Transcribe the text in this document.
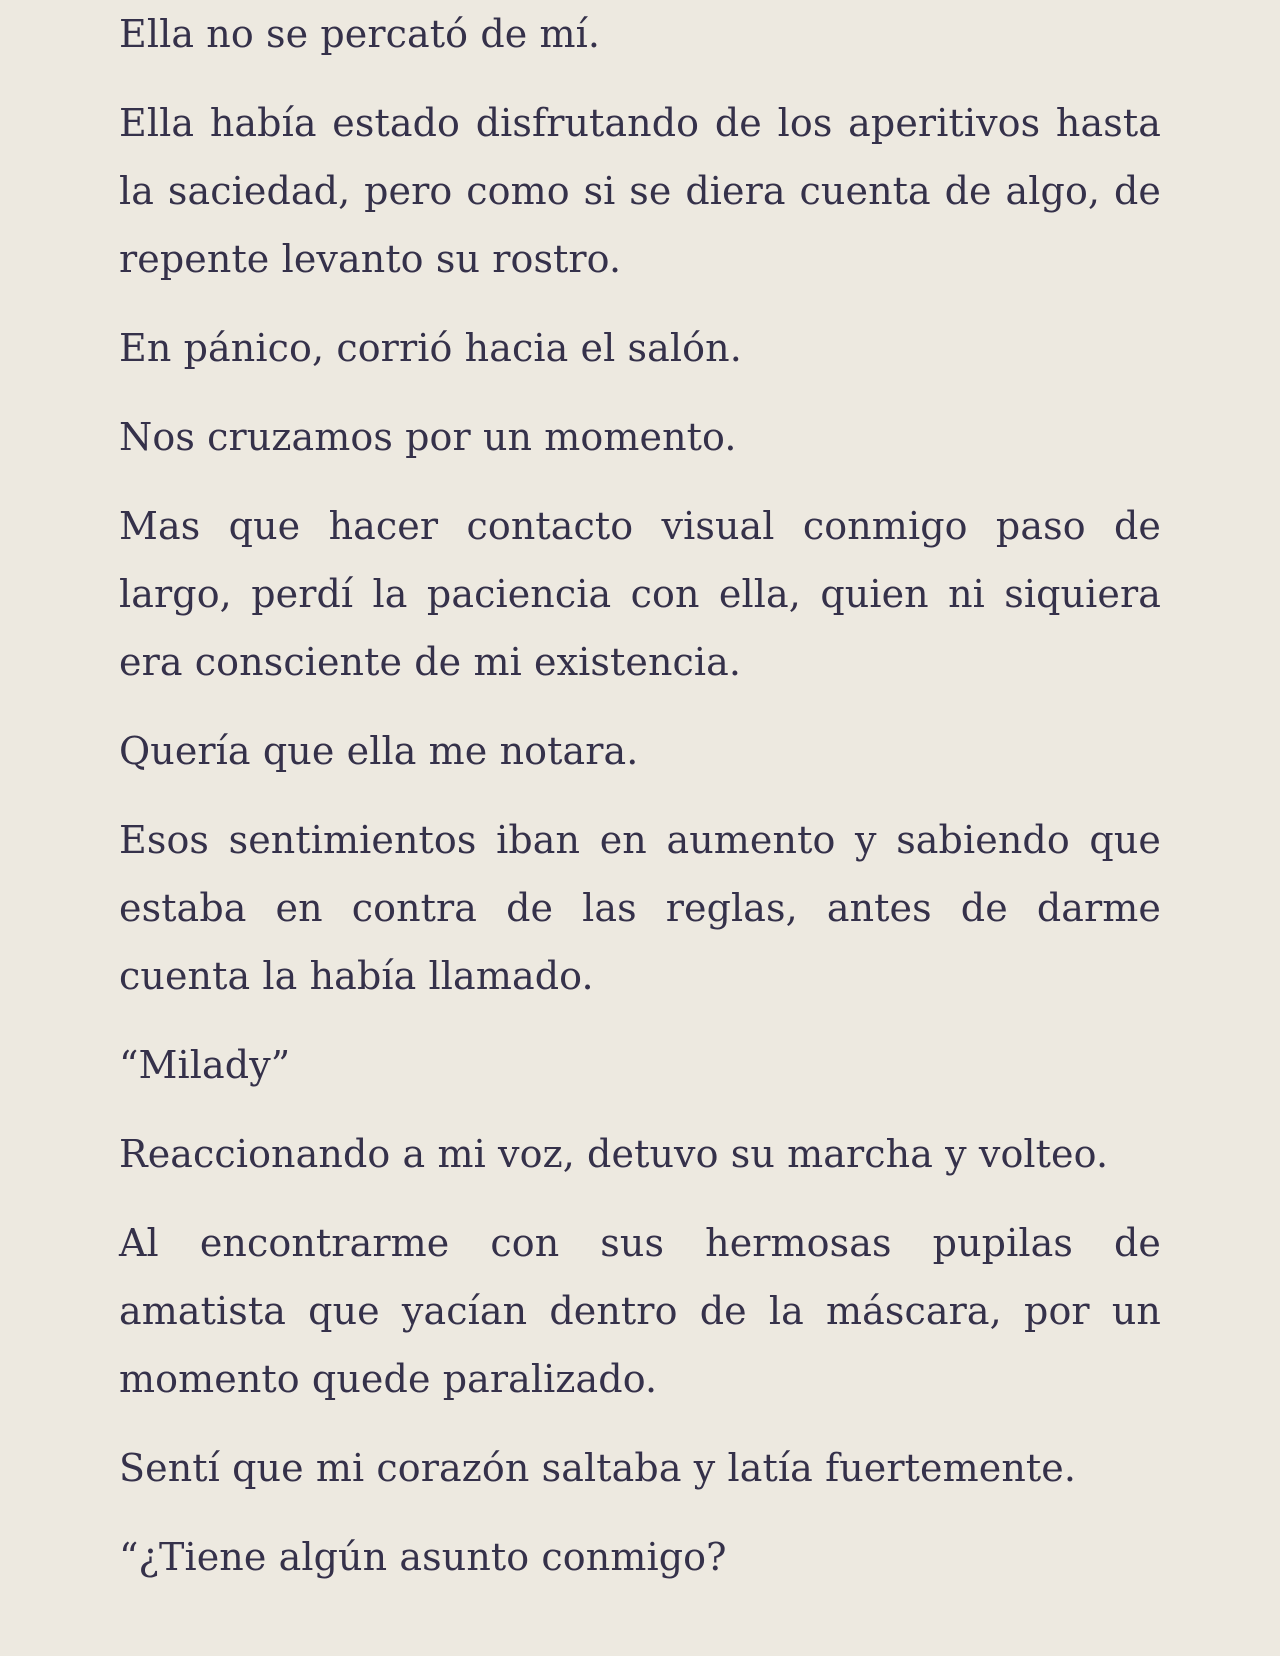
Ella no se percató de mí.

Ella había estado disfrutando de los aperitivos hasta la saciedad, pero como si se diera cuenta de algo, de repente levanto su rostro.

En pánico, corrió hacia el salón.

Nos cruzamos por un momento.

Mas que hacer contacto visual conmigo paso de largo, perdí la paciencia con ella, quien ni siquiera era consciente de mi existencia.

Quería que ella me notara.

Esos sentimientos iban en aumento y sabiendo que estaba en contra de las reglas, antes de darme cuenta la había llamado.

“Milady”

Reaccionando a mi voz, detuvo su marcha y volteo.

Al encontrarme con sus hermosas pupilas de amatista que yacían dentro de la máscara, por un momento quede paralizado.

Sentí que mi corazón saltaba y latía fuertemente.

“¿Tiene algún asunto conmigo?
